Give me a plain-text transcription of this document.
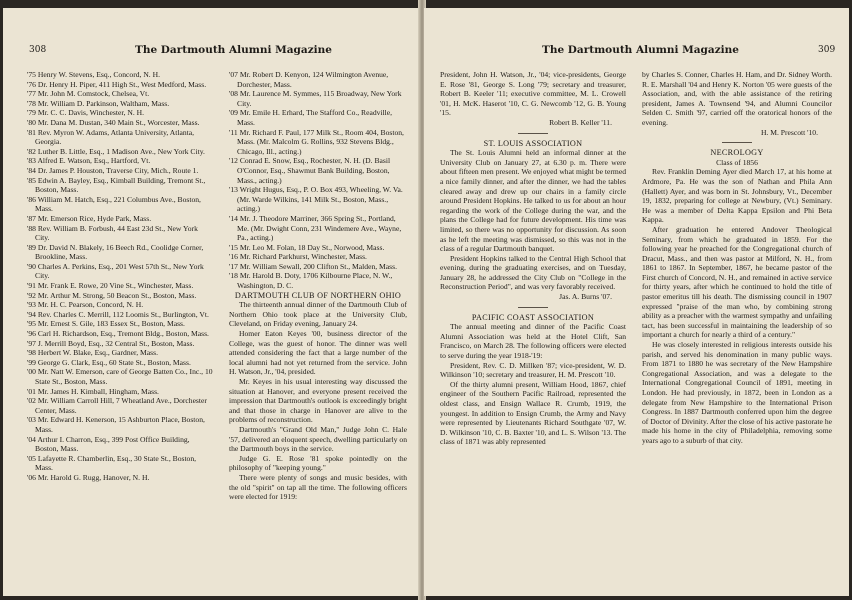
308	The Dartmouth Alumni Magazine

'75 Henry W. Stevens, Esq., Concord, N. H.

'76 Dr. Henry H. Piper, 411 High St., West Medford, Mass.

'77 Mr. John M. Comstock, Chelsea, Vt.

'78 Mr. William D. Parkinson, Waltham, Mass.

'79 Mr. C. C. Davis, Winchester, N. H.

'80 Mr. Dana M. Dustan, 340 Main St., Worcester, Mass.

'81 Rev. Myron W. Adams, Atlanta University, Atlanta, Georgia.

'82 Luther B. Little, Esq., 1 Madison Ave., New York City.

'83 Alfred E. Watson, Esq., Hartford, Vt.

'84 Dr. James P. Houston, Traverse City, Mich., Route 1.

'85 Edwin A. Bayley, Esq., Kimball Building, Tremont St., Boston, Mass.

'86 William M. Hatch, Esq., 221 Columbus Ave., Boston, Mass.

'87 Mr. Emerson Rice, Hyde Park, Mass.

'88 Rev. William B. Forbush, 44 East 23d St., New York City.

'89 Dr. David N. Blakely, 16 Beech Rd., Coolidge Corner, Brookline, Mass.

'90 Charles A. Perkins, Esq., 201 West 57th St., New York City.

'91 Mr. Frank E. Rowe, 20 Vine St., Winchester, Mass.

'92 Mr. Arthur M. Strong, 50 Beacon St., Boston, Mass.

'93 Mr. H. C. Pearson, Concord, N. H.

'94 Rev. Charles C. Merrill, 112 Loomis St., Burlington, Vt.

'95 Mr. Ernest S. Gile, 183 Essex St., Boston, Mass.

'96 Carl H. Richardson, Esq., Tremont Bldg., Boston, Mass.

'97 J. Merrill Boyd, Esq., 32 Central St., Boston, Mass.

'98 Herbert W. Blake, Esq., Gardner, Mass.

'99 George G. Clark, Esq., 60 State St., Boston, Mass.

'00 Mr. Natt W. Emerson, care of George Batten Co., Inc., 10 State St., Boston, Mass.

'01 Mr. James H. Kimball, Hingham, Mass.

'02 Mr. William Carroll Hill, 7 Wheatland Ave., Dorchester Center, Mass.

'03 Mr. Edward H. Kenerson, 15 Ashburton Place, Boston, Mass.

'04 Arthur I. Charron, Esq., 399 Post Office Building, Boston, Mass.

'05 Lafayette R. Chamberlin, Esq., 30 State St., Boston, Mass.

'06 Mr. Harold G. Rugg, Hanover, N. H.

'07 Mr. Robert D. Kenyon, 124 Wilmington Avenue, Dorchester, Mass.

'08 Mr. Laurence M. Symmes, 115 Broadway, New York City.

'09 Mr. Emile H. Erhard, The Stafford Co., Readville, Mass.

'11 Mr. Richard F. Paul, 177 Milk St., Room 404, Boston, Mass. (Mr. Malcolm G. Rollins, 932 Stevens Bldg., Chicago, Ill., acting.)

'12 Conrad E. Snow, Esq., Rochester, N. H. (D. Basil O'Connor, Esq., Shawmut Bank Building, Boston, Mass., acting.)

'13 Wright Hugus, Esq., P. O. Box 493, Wheeling, W. Va. (Mr. Warde Wilkins, 141 Milk St., Boston, Mass., acting.)

'14 Mr. J. Theodore Marriner, 366 Spring St., Portland, Me. (Mr. Dwight Conn, 231 Windemere Ave., Wayne, Pa., acting.)

'15 Mr. Leo M. Folan, 18 Day St., Norwood, Mass.

'16 Mr. Richard Parkhurst, Winchester, Mass.

'17 Mr. William Sewall, 200 Clifton St., Malden, Mass.

'18 Mr. Harold B. Doty, 1706 Kilbourne Place, N. W., Washington, D. C.

DARTMOUTH CLUB OF NORTHERN OHIO

The thirteenth annual dinner of the Dartmouth Club of Northern Ohio took place at the University Club, Cleveland, on Friday evening, January 24.

Homer Eaton Keyes '00, business director of the College, was the guest of honor. The dinner was well attended considering the fact that a large number of the local alumni had not yet returned from the service. John H. Watson, Jr., '04, presided.

Mr. Keyes in his usual interesting way discussed the situation at Hanover, and everyone present received the impression that Dartmouth's outlook is exceedingly bright and that those in charge in Hanover are alive to the problems of reconstruction.

Dartmouth's "Grand Old Man," Judge John C. Hale '57, delivered an eloquent speech, dwelling particularly on the Dartmouth boys in the service.

Judge G. E. Rose '81 spoke pointedly on the philosophy of "keeping young."

There were plenty of songs and music besides, with the old "spirit" on tap all the time. The following officers were elected for 1919:

The Dartmouth Alumni Magazine	309

President, John H. Watson, Jr., '04; vice-presidents, George E. Rose '81, George S. Long '79; secretary and treasurer, Robert B. Keeler '11; executive committee, M. L. Crowell '01, H. McK. Haserot '10, C. G. Newcomb '12, G. B. Young '15.

Robert B. Keller '11.

ST. LOUIS ASSOCIATION

The St. Louis Alumni held an informal dinner at the University Club on January 27, at 6.30 p. m. There were about fifteen men present. We enjoyed what might be termed a nice family dinner, and after the dinner, we had the tables cleared away and drew up our chairs in a family circle around President Hopkins. He talked to us for about an hour regarding the work of the College during the war, and the plans the College had for future development. His time was limited, so there was no opportunity for discussion. As soon as he left the meeting was dismissed, so this was not in the class of a regular Dartmouth banquet.

President Hopkins talked to the Central High School that evening, during the graduating exercises, and on Tuesday, January 28, he addressed the City Club on "College in the Reconstruction Period", and was very favorably received.

Jas. A. Burns '07.

PACIFIC COAST ASSOCIATION

The annual meeting and dinner of the Pacific Coast Alumni Association was held at the Hotel Clift, San Francisco, on March 28. The following officers were elected to serve during the year 1918-'19:

President, Rev. C. D. Millken '87; vice-president, W. D. Wilkinson '10; secretary and treasurer, H. M. Prescott '10.

Of the thirty alumni present, William Hood, 1867, chief engineer of the Southern Pacific Railroad, represented the oldest class, and Ensign Wallace R. Crumb, 1919, the youngest. In addition to Ensign Crumb, the Army and Navy were represented by Lieutenants Richard Southgate '07, W. D. Wilkinson '10, C. B. Baxter '10, and L. S. Wilson '13. The class of 1871 was ably represented

by Charles S. Conner, Charles H. Ham, and Dr. Sidney Worth. R. E. Marshall '04 and Henry K. Norton '05 were guests of the Association, and, with the able assistance of the retiring president, James A. Townsend '94, and Alumni Councilor Selden C. Smith '97, carried off the oratorical honors of the evening.

H. M. Prescott '10.

NECROLOGY

Class of 1856

Rev. Franklin Deming Ayer died March 17, at his home at Ardmore, Pa. He was the son of Nathan and Phila Ann (Hallett) Ayer, and was born in St. Johnsbury, Vt., December 19, 1832, preparing for college at Newbury, (Vt.) Seminary. He was a member of Delta Kappa Epsilon and Phi Beta Kappa.

After graduation he entered Andover Theological Seminary, from which he graduated in 1859. For the following year he preached for the Congregational church of Dracut, Mass., and then was pastor at Milford, N. H., from 1861 to 1867. In September, 1867, he became pastor of the First church of Concord, N. H., and remained in active service for thirty years, after which he continued to hold the title of pastor emeritus till his death. The dismissing council in 1907 expressed "praise of the man who, by combining strong ability as a preacher with the warmest sympathy and unfailing tact, has been successful in maintaining the leadership of so important a church for nearly a third of a century."

He was closely interested in religious interests outside his parish, and served his denomination in many public ways. From 1871 to 1880 he was secretary of the New Hampshire Congregational Association, and was a delegate to the International Congregational Council of 1891, meeting in London. He had previously, in 1872, been in London as a delegate from New Hampshire to the International Prison Congress. In 1887 Dartmouth conferred upon him the degree of Doctor of Divinity. After the close of his active pastorate he made his home in the city of Philadelphia, removing some years ago to a suburb of that city.
